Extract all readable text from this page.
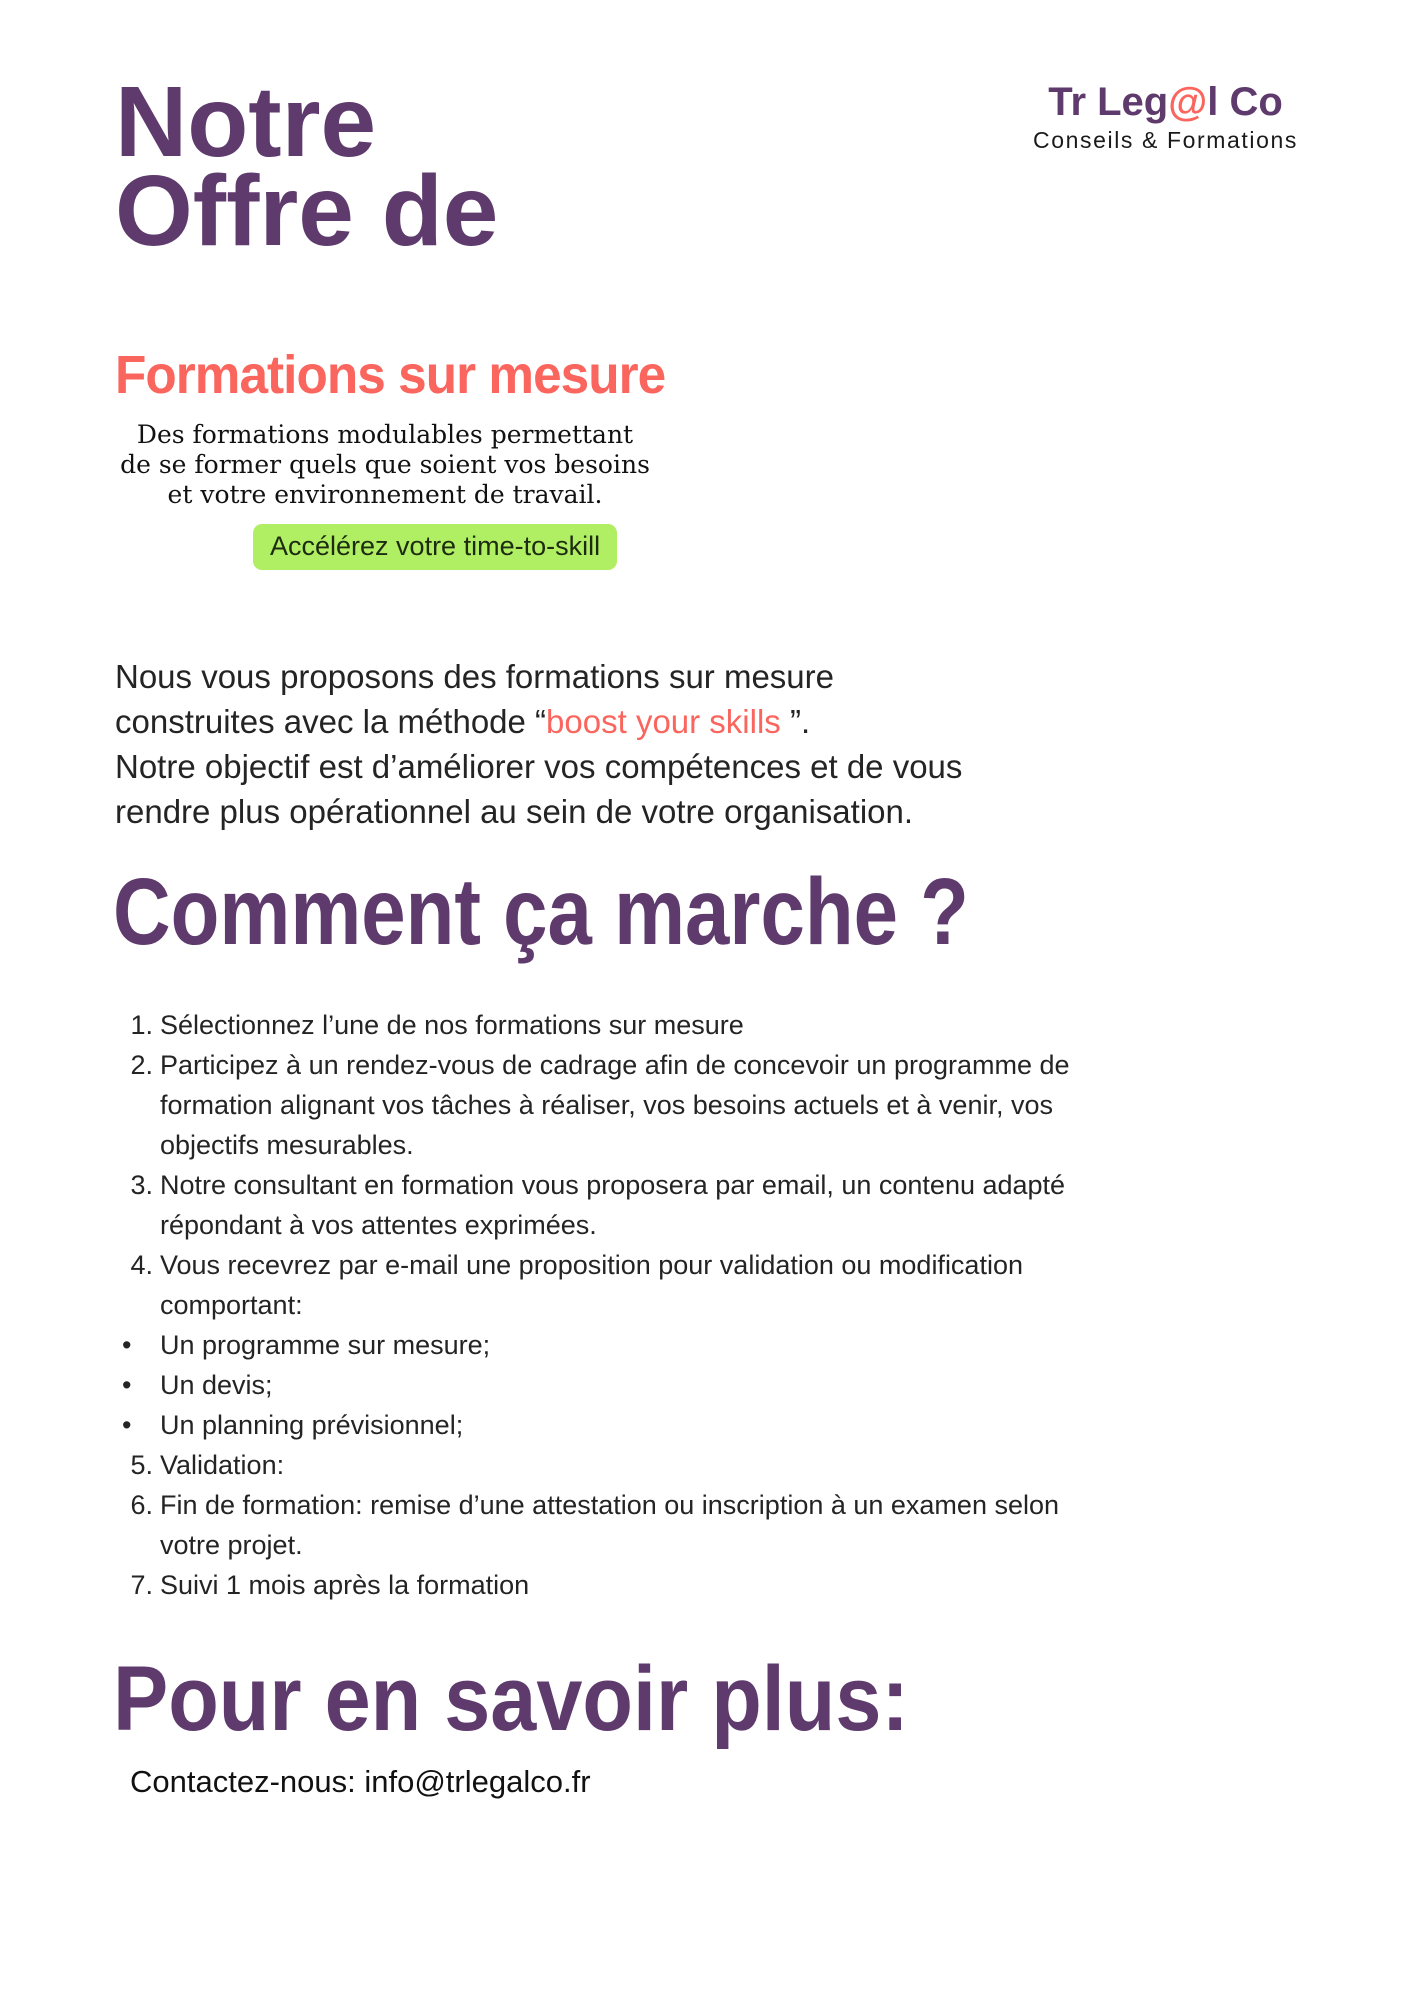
Tr Leg@l Co
Conseils & Formations
Notre
Offre de
Formations sur mesure
Des formations modulables permettant
de se former quels que soient vos besoins
et votre environnement de travail.
Accélérez votre time-to-skill
Nous vous proposons des formations sur mesure
construites avec la méthode “boost your skills ”.
Notre objectif est d’améliorer vos compétences et de vous
rendre plus opérationnel au sein de votre organisation.
Comment ça marche ?
1. Sélectionnez l’une de nos formations sur mesure
2. Participez à un rendez-vous de cadrage afin de concevoir un programme de
formation alignant vos tâches à réaliser, vos besoins actuels et à venir, vos
objectifs mesurables.
3. Notre consultant en formation vous proposera par email, un contenu adapté
répondant à vos attentes exprimées.
4. Vous recevrez par e-mail une proposition pour validation ou modification
comportant:
•	Un programme sur mesure;
•	Un devis;
•	Un planning prévisionnel;
5. Validation:
6. Fin de formation: remise d’une attestation ou inscription à un examen selon
votre projet.
7. Suivi 1 mois après la formation
Pour en savoir plus:
Contactez-nous: info@trlegalco.fr
